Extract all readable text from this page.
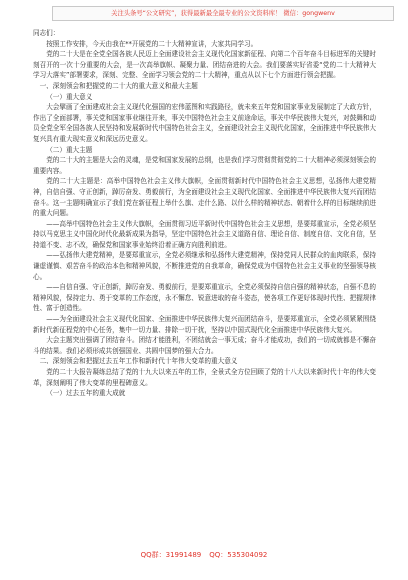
关注头条号“公文研究”，获得最新最全最专业的公文资料库！ 微信：gongwenv

同志们：

按照工作安排，今天由我在**开展党的二十大精神宣讲，大家共同学习。

党的二十大是在全党全国各族人民迈上全面建设社会主义现代化国家新征程、向第二个百年奋斗目标进军的关键时刻召开的一次十分重要的大会，是一次高举旗帜、凝聚力量、团结奋进的大会。我们要落实好省委“党的二十大精神大学习大落实”部署要求，深刻、完整、全面学习领会党的二十大精神，重点从以下七个方面进行领会把握。

一、深刻领会和把握党的二十大的重大意义和最大主题

（一）重大意义

大会擘画了全面建成社会主义现代化强国的宏伟蓝图和实践路径，就未来五年党和国家事业发展制定了大政方针，作出了全面部署，事关党和国家事业继往开来，事关中国特色社会主义前途命运，事关中华民族伟大复兴，对鼓舞和动员全党全军全国各族人民坚持和发展新时代中国特色社会主义，全面建设社会主义现代化国家，全面推进中华民族伟大复兴具有重大现实意义和深远历史意义。

（二）重大主题

党的二十大的主题是大会的灵魂，是党和国家发展的总纲，也是我们学习贯彻贯彻党的二十大精神必须深刻领会的重要内容。

党的二十大主题是：高举中国特色社会主义伟大旗帜，全面贯彻新时代中国特色社会主义思想，弘扬伟大建党精神，自信自强、守正创新，踔厉奋发、勇毅前行，为全面建设社会主义现代化国家、全面推进中华民族伟大复兴而团结奋斗。这一主题明确宣示了我们党在新征程上举什么旗、走什么路、以什么样的精神状态、朝着什么样的目标继续前进的重大问题。

——高举中国特色社会主义伟大旗帜，全面贯彻习近平新时代中国特色社会主义思想，是要郑重宣示，全党必须坚持以马克思主义中国化时代化最新成果为指导，坚定中国特色社会主义道路自信、理论自信、制度自信、文化自信，坚持道不变、志不改，确保党和国家事业始终沿着正确方向胜利前进。

——弘扬伟大建党精神，是要郑重宣示，全党必须继承和弘扬伟大建党精神，保持党同人民群众的血肉联系，保持谦虚谨慎、艰苦奋斗的政治本色和精神风貌，不断推进党的自我革命，确保党成为中国特色社会主义事业的坚强领导核心。

——自信自强、守正创新，踔厉奋发、勇毅前行，是要郑重宣示，全党必须保持自信自强的精神状态，自强不息的精神风貌，保持定力、勇于变革的工作态度，永不懈怠、锐意进取的奋斗姿态，使各项工作更好体现时代性、把握规律性、富于创造性。

——为全面建设社会主义现代化国家、全面推进中华民族伟大复兴而团结奋斗，是要郑重宣示，全党必须紧紧围绕新时代新征程党的中心任务，集中一切力量、排除一切干扰，坚持以中国式现代化全面推进中华民族伟大复兴。

大会主题突出强调了团结奋斗。团结才能胜利，不团结就会一事无成；奋斗才能成功，我们的一切成就都是不懈奋斗的结果。我们必须形成共创强国业、共圆中国梦的强大合力。

二、深刻领会和把握过去五年工作和新时代十年伟大变革的重大意义

党的二十大报告凝练总结了党的十九大以来五年的工作，全景式全方位回顾了党的十八大以来新时代十年的伟大变革，深刻阐明了伟大变革的里程碑意义。

（一）过去五年的重大成就

QQ群：31991489 QQ：535304092
